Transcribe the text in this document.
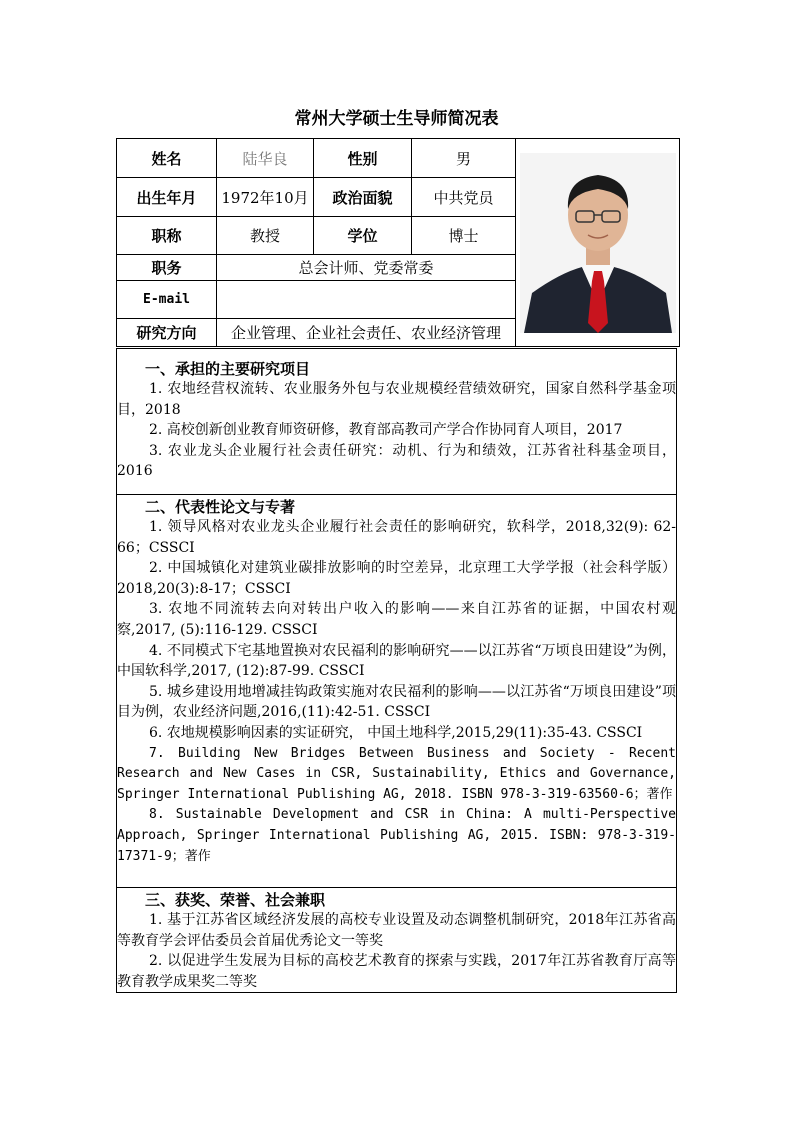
常州大学硕士生导师简况表
姓名	陆华良	性别	男	

出生年月	1972年10月	政治面貌	中共党员	
职称	教授	学位	博士	
职务	总会计师、党委常委			
E-mail				
研究方向	企业管理、企业社会责任、农业经济管理			
一、承担的主要研究项目

1. 农地经营权流转、农业服务外包与农业规模经营绩效研究，国家自然科学基金项目，2018

2. 高校创新创业教育师资研修，教育部高教司产学合作协同育人项目，2017

3. 农业龙头企业履行社会责任研究：动机、行为和绩效，江苏省社科基金项目，2016

二、代表性论文与专著

1. 领导风格对农业龙头企业履行社会责任的影响研究，软科学，2018,32(9): 62-66；CSSCI

2. 中国城镇化对建筑业碳排放影响的时空差异，北京理工大学学报（社会科学版）2018,20(3):8-17；CSSCI

3. 农地不同流转去向对转出户收入的影响——来自江苏省的证据，中国农村观察,2017, (5):116-129. CSSCI

4. 不同模式下宅基地置换对农民福利的影响研究——以江苏省“万顷良田建设”为例，中国软科学,2017, (12):87-99. CSSCI

5. 城乡建设用地增减挂钩政策实施对农民福利的影响——以江苏省“万顷良田建设”项目为例，农业经济问题,2016,(11):42-51. CSSCI

6. 农地规模影响因素的实证研究， 中国土地科学,2015,29(11):35-43. CSSCI

7. Building New Bridges Between Business and Society - Recent Research and New Cases in CSR, Sustainability, Ethics and Governance, Springer International Publishing AG, 2018. ISBN 978-3-319-63560-6；著作

8. Sustainable Development and CSR in China: A multi-Perspective Approach, Springer International Publishing AG, 2015. ISBN: 978-3-319-17371-9；著作

三、获奖、荣誉、社会兼职

1. 基于江苏省区域经济发展的高校专业设置及动态调整机制研究，2018年江苏省高等教育学会评估委员会首届优秀论文一等奖

2. 以促进学生发展为目标的高校艺术教育的探索与实践，2017年江苏省教育厅高等教育教学成果奖二等奖
